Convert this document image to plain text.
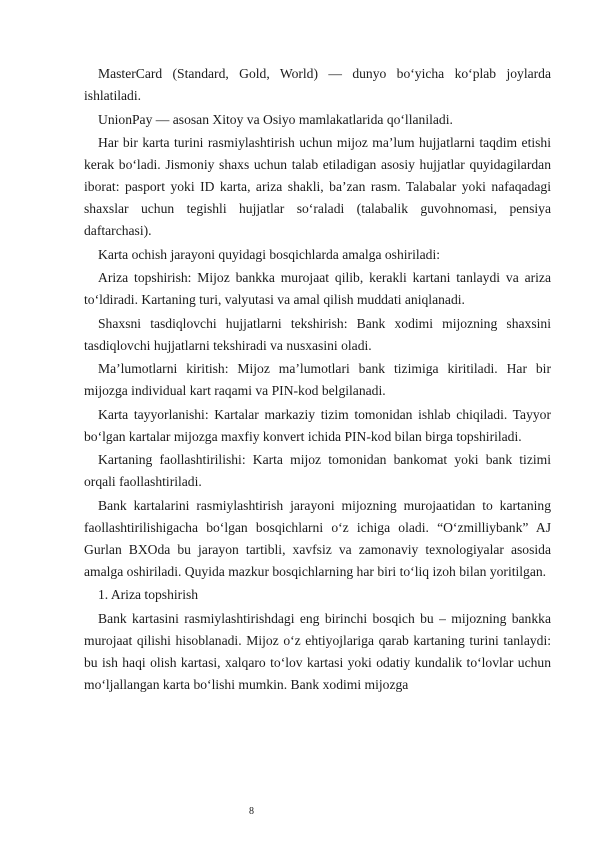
MasterCard (Standard, Gold, World) — dunyo bo‘yicha ko‘plab joylarda ishlatiladi.

UnionPay — asosan Xitoy va Osiyo mamlakatlarida qo‘llaniladi.

Har bir karta turini rasmiylashtirish uchun mijoz ma’lum hujjatlarni taqdim etishi kerak bo‘ladi. Jismoniy shaxs uchun talab etiladigan asosiy hujjatlar quyidagilardan iborat: pasport yoki ID karta, ariza shakli, ba’zan rasm. Talabalar yoki nafaqadagi shaxslar uchun tegishli hujjatlar so‘raladi (talabalik guvohnomasi, pensiya daftarchasi).

Karta ochish jarayoni quyidagi bosqichlarda amalga oshiriladi:

Ariza topshirish: Mijoz bankka murojaat qilib, kerakli kartani tanlaydi va ariza to‘ldiradi. Kartaning turi, valyutasi va amal qilish muddati aniqlanadi.

Shaxsni tasdiqlovchi hujjatlarni tekshirish: Bank xodimi mijozning shaxsini tasdiqlovchi hujjatlarni tekshiradi va nusxasini oladi.

Ma’lumotlarni kiritish: Mijoz ma’lumotlari bank tizimiga kiritiladi. Har bir mijozga individual kart raqami va PIN-kod belgilanadi.

Karta tayyorlanishi: Kartalar markaziy tizim tomonidan ishlab chiqiladi. Tayyor bo‘lgan kartalar mijozga maxfiy konvert ichida PIN-kod bilan birga topshiriladi.

Kartaning faollashtirilishi: Karta mijoz tomonidan bankomat yoki bank tizimi orqali faollashtiriladi.

Bank kartalarini rasmiylashtirish jarayoni mijozning murojaatidan to kartaning faollashtirilishigacha bo‘lgan bosqichlarni o‘z ichiga oladi. “O‘zmilliybank” AJ Gurlan BXOda bu jarayon tartibli, xavfsiz va zamonaviy texnologiyalar asosida amalga oshiriladi. Quyida mazkur bosqichlarning har biri to‘liq izoh bilan yoritilgan.

1. Ariza topshirish

Bank kartasini rasmiylashtirishdagi eng birinchi bosqich bu – mijozning bankka murojaat qilishi hisoblanadi. Mijoz o‘z ehtiyojlariga qarab kartaning turini tanlaydi: bu ish haqi olish kartasi, xalqaro to‘lov kartasi yoki odatiy kundalik to‘lovlar uchun mo‘ljallangan karta bo‘lishi mumkin. Bank xodimi mijozga

8
